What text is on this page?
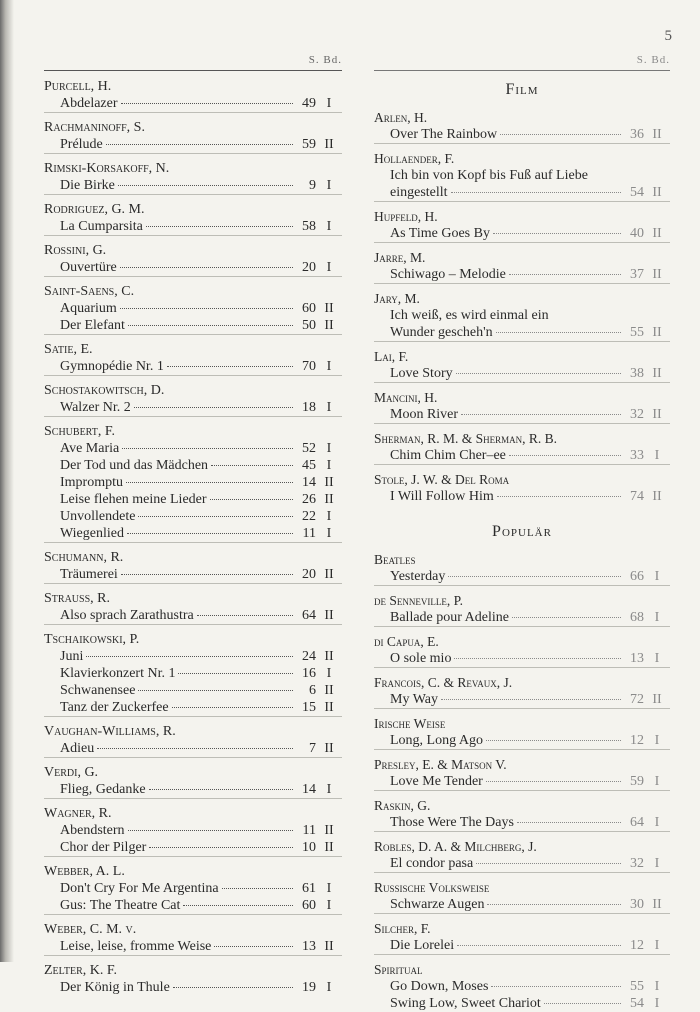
5
S. Bd.
Purcell, H.
Abdelazer	49 I
Rachmaninoff, S.
Prélude	59 II
Rimski-Korsakoff, N.
Die Birke	9 I
Rodriguez, G. M.
La Cumparsita	58 I
Rossini, G.
Ouvertüre	20 I
Saint-Saens, C.
Aquarium	60 II
Der Elefant	50 II
Satie, E.
Gymnopédie Nr. 1	70 I
Schostakowitsch, D.
Walzer Nr. 2	18 I
Schubert, F.
Ave Maria	52 I
Der Tod und das Mädchen	45 I
Impromptu	14 II
Leise flehen meine Lieder	26 II
Unvollendete	22 I
Wiegenlied	11 I
Schumann, R.
Träumerei	20 II
Strauß, R.
Also sprach Zarathustra	64 II
Tschaikowski, P.
Juni	24 II
Klavierkonzert Nr. 1	16 I
Schwanensee	6 II
Tanz der Zuckerfee	15 II
Vaughan-Williams, R.
Adieu	7 II
Verdi, G.
Flieg, Gedanke	14 I
Wagner, R.
Abendstern	11 II
Chor der Pilger	10 II
Webber, A. L.
Don't Cry For Me Argentina	61 I
Gus: The Theatre Cat	60 I
Weber, C. M. v.
Leise, leise, fromme Weise	13 II
Zelter, K. F.
Der König in Thule	19 I
S. Bd.
Film
Arlen, H.
Over The Rainbow	36 II
Hollaender, F.
Ich bin von Kopf bis Fuß auf Liebe
eingestellt	54 II
Hupfeld, H.
As Time Goes By	40 II
Jarre, M.
Schiwago – Melodie	37 II
Jary, M.
Ich weiß, es wird einmal ein
Wunder gescheh'n	55 II
Lai, F.
Love Story	38 II
Mancini, H.
Moon River	32 II
Sherman, R. M. & Sherman, R. B.
Chim Chim Cher–ee	33 I
Stole, J. W. & Del Roma
I Will Follow Him	74 II
Populär
Beatles
Yesterday	66 I
de Senneville, P.
Ballade pour Adeline	68 I
di Capua, E.
O sole mio	13 I
Francois, C. & Revaux, J.
My Way	72 II
Irische Weise
Long, Long Ago	12 I
Presley, E. & Matson V.
Love Me Tender	59 I
Raskin, G.
Those Were The Days	64 I
Robles, D. A. & Milchberg, J.
El condor pasa	32 I
Russische Volksweise
Schwarze Augen	30 II
Silcher, F.
Die Lorelei	12 I
Spiritual
Go Down, Moses	55 I
Swing Low, Sweet Chariot	54 I
